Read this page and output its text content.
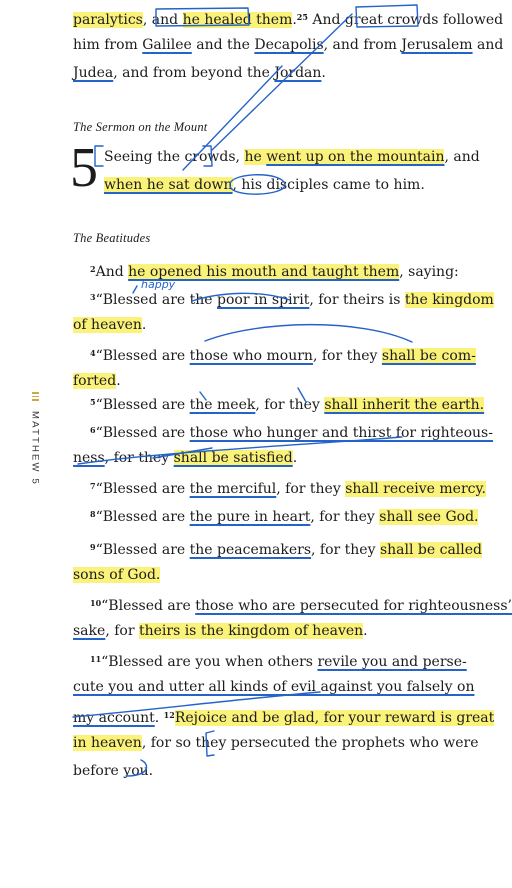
paralytics, and he healed them.$^{25}$ And great crowds followed
him from Galilee and the Decapolis, and from Jerusalem and
Judea, and from beyond the Jordan.
The Sermon on the Mount
5 Seeing the crowds, he went up on the mountain, and
when he sat down, his disciples came to him.
The Beatitudes
$^2$And he opened his mouth and taught them, saying:
$^3$“Blessed are the poor in spirit, for theirs is the kingdom
of heaven.
$^4$“Blessed are those who mourn, for they shall be com-
forted.
$^5$“Blessed are the meek, for they shall inherit the earth.
$^6$“Blessed are those who hunger and thirst for righteous-
ness, for they shall be satisfied.
$^7$“Blessed are the merciful, for they shall receive mercy.
$^8$“Blessed are the pure in heart, for they shall see God.
$^9$“Blessed are the peacemakers, for they shall be called
sons of God.
$^{10}$“Blessed are those who are persecuted for righteousness’
sake, for theirs is the kingdom of heaven.
$^{11}$“Blessed are you when others revile you and perse-
cute you and utter all kinds of evil against you falsely on
my account. $^{12}$Rejoice and be glad, for your reward is great
in heaven, for so they persecuted the prophets who were
before you.
MATTHEW 5
happy
